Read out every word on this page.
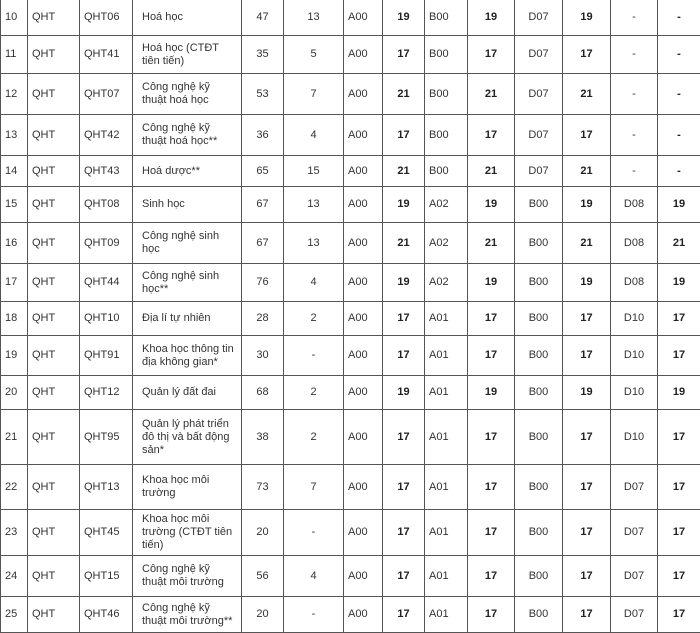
10	QHT	QHT06	Hoá học	47	13	A00	19	B00	19	D07	19	-	-
11	QHT	QHT41	Hoá học (CTĐT tiên tiến)	35	5	A00	17	B00	17	D07	17	-	-
12	QHT	QHT07	Công nghệ kỹ thuật hoá học	53	7	A00	21	B00	21	D07	21	-	-
13	QHT	QHT42	Công nghệ kỹ thuật hoá học**	36	4	A00	17	B00	17	D07	17	-	-
14	QHT	QHT43	Hoá dược**	65	15	A00	21	B00	21	D07	21	-	-
15	QHT	QHT08	Sinh học	67	13	A00	19	A02	19	B00	19	D08	19
16	QHT	QHT09	Công nghệ sinh học	67	13	A00	21	A02	21	B00	21	D08	21
17	QHT	QHT44	Công nghệ sinh học**	76	4	A00	19	A02	19	B00	19	D08	19
18	QHT	QHT10	Địa lí tự nhiên	28	2	A00	17	A01	17	B00	17	D10	17
19	QHT	QHT91	Khoa học thông tin địa không gian*	30	-	A00	17	A01	17	B00	17	D10	17
20	QHT	QHT12	Quản lý đất đai	68	2	A00	19	A01	19	B00	19	D10	19
21	QHT	QHT95	Quản lý phát triển đô thị và bất động sản*	38	2	A00	17	A01	17	B00	17	D10	17
22	QHT	QHT13	Khoa học môi trường	73	7	A00	17	A01	17	B00	17	D07	17
23	QHT	QHT45	Khoa học môi trường (CTĐT tiên tiến)	20	-	A00	17	A01	17	B00	17	D07	17
24	QHT	QHT15	Công nghệ kỹ thuật môi trường	56	4	A00	17	A01	17	B00	17	D07	17
25	QHT	QHT46	Công nghệ kỹ thuật môi trường**	20	-	A00	17	A01	17	B00	17	D07	17
